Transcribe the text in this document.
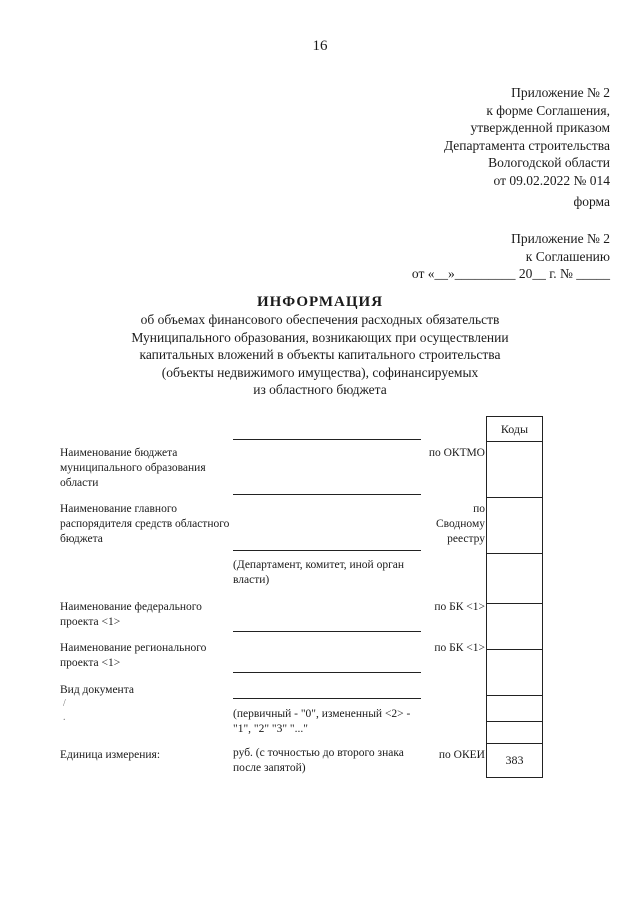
16
Приложение № 2
к форме Соглашения,
утвержденной приказом
Департамента строительства
Вологодской области
от 09.02.2022 № 014
форма
Приложение № 2
к Соглашению
от «__»_________ 20__ г. № _____
ИНФОРМАЦИЯ
об объемах финансового обеспечения расходных обязательств
Муниципального образования, возникающих при осуществлении
капитальных вложений в объекты капитального строительства
(объекты недвижимого имущества), софинансируемых
из областного бюджета
Коды
383
Наименование бюджета муниципального образования области
по ОКТМО
Наименование главного распорядителя средств областного бюджета
по Сводному реестру
(Департамент, комитет, иной орган власти)
Наименование федерального проекта <1>
по БК <1>
Наименование регионального проекта <1>
по БК <1>
Вид документа
/
.	(первичный - "0", измененный <2> - "1", "2" "3" "..."
Единица измерения:	руб. (с точностью до второго знака после запятой)
по ОКЕИ
